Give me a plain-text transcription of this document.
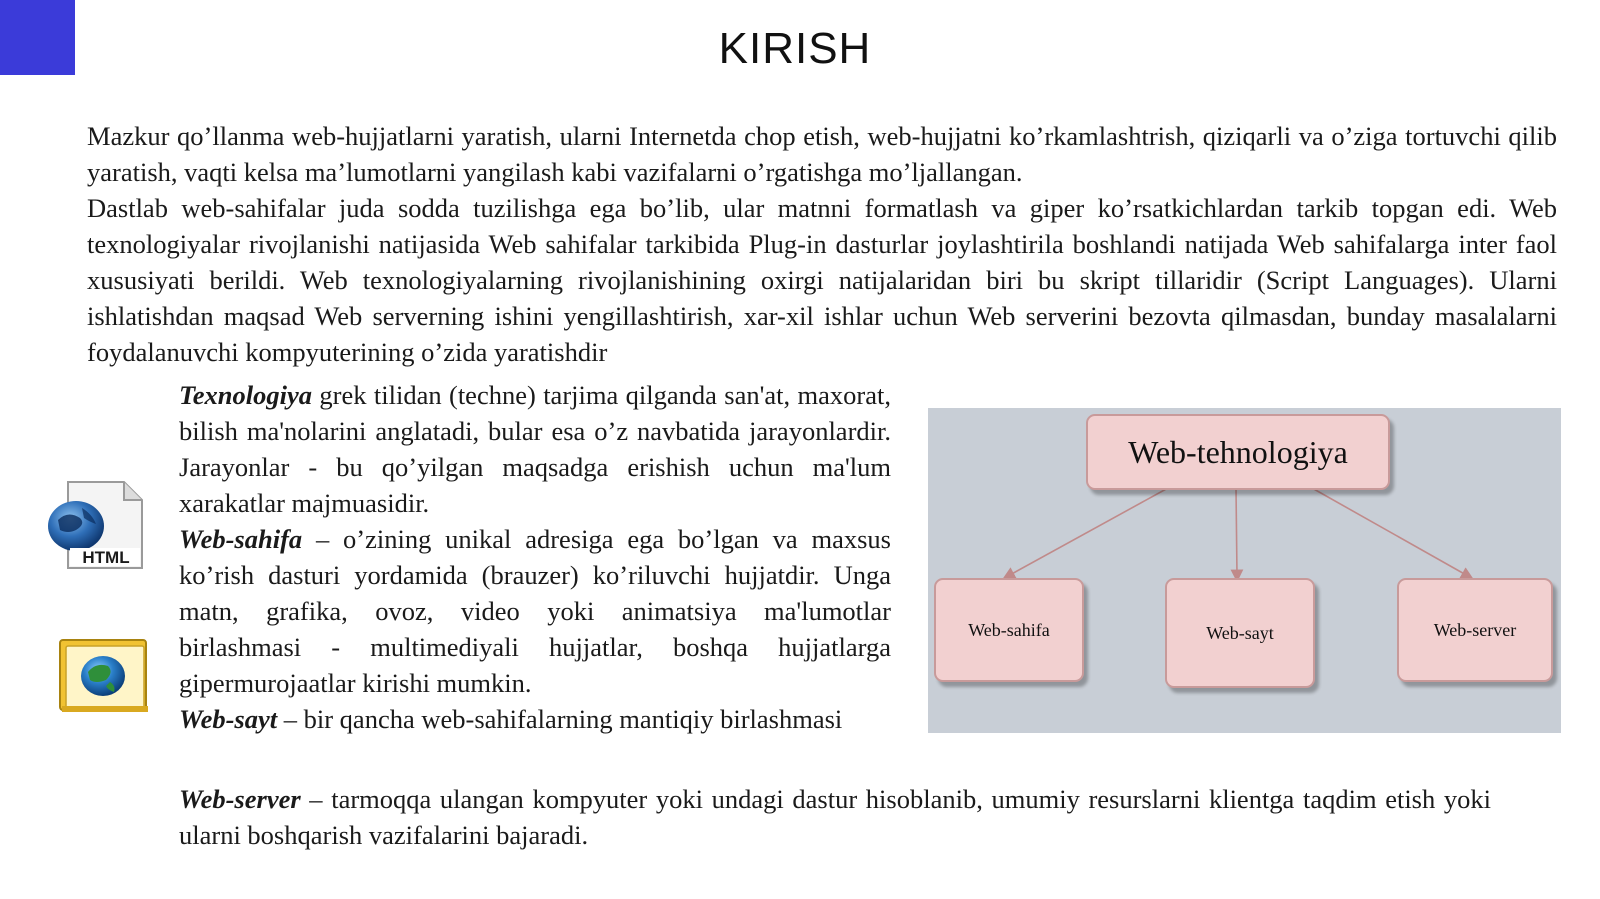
KIRISH

Mazkur qo’llanma web-hujjatlarni yaratish, ularni Internetda chop etish, web-hujjatni ko’rkamlashtrish, qiziqarli va o’ziga tortuvchi qilib yaratish, vaqti kelsa ma’lumotlarni yangilash kabi vazifalarni o’rgatishga mo’ljallangan.

Dastlab web-sahifalar juda sodda tuzilishga ega bo’lib, ular matnni formatlash va giper ko’rsatkichlardan tarkib topgan edi. Web texnologiyalar rivojlanishi natijasida Web sahifalar tarkibida Plug-in dasturlar joylashtirila boshlandi natijada Web sahifalarga inter faol xususiyati berildi. Web texnologiyalarning rivojlanishining oxirgi natijalaridan biri bu skript tillaridir (Script Languages). Ularni ishlatishdan maqsad Web serverning ishini yengillashtirish, xar-xil ishlar uchun Web serverini bezovta qilmasdan, bunday masalalarni foydalanuvchi kompyuterining o’zida yaratishdir

HTML

Texnologiya grek tilidan (techne) tarjima qilganda san'at, maxorat, bilish ma'nolarini anglatadi, bular esa o’z navbatida jarayonlardir. Jarayonlar - bu qo’yilgan maqsadga erishish uchun ma'lum xarakatlar majmuasidir.

Web-sahifa – o’zining unikal adresiga ega bo’lgan va maxsus ko’rish dasturi yordamida (brauzer) ko’riluvchi hujjatdir. Unga matn, grafika, ovoz, video yoki animatsiya ma'lumotlar birlashmasi - multimediyali hujjatlar, boshqa hujjatlarga gipermurojaatlar kirishi mumkin.

Web-sayt – bir qancha web-sahifalarning mantiqiy birlashmasi

Web-server – tarmoqqa ulangan kompyuter yoki undagi dastur hisoblanib, umumiy resurslarni klientga taqdim etish yoki ularni boshqarish vazifalarini bajaradi.

Web-tehnologiya
Web-sahifa	Web-sayt	Web-server
